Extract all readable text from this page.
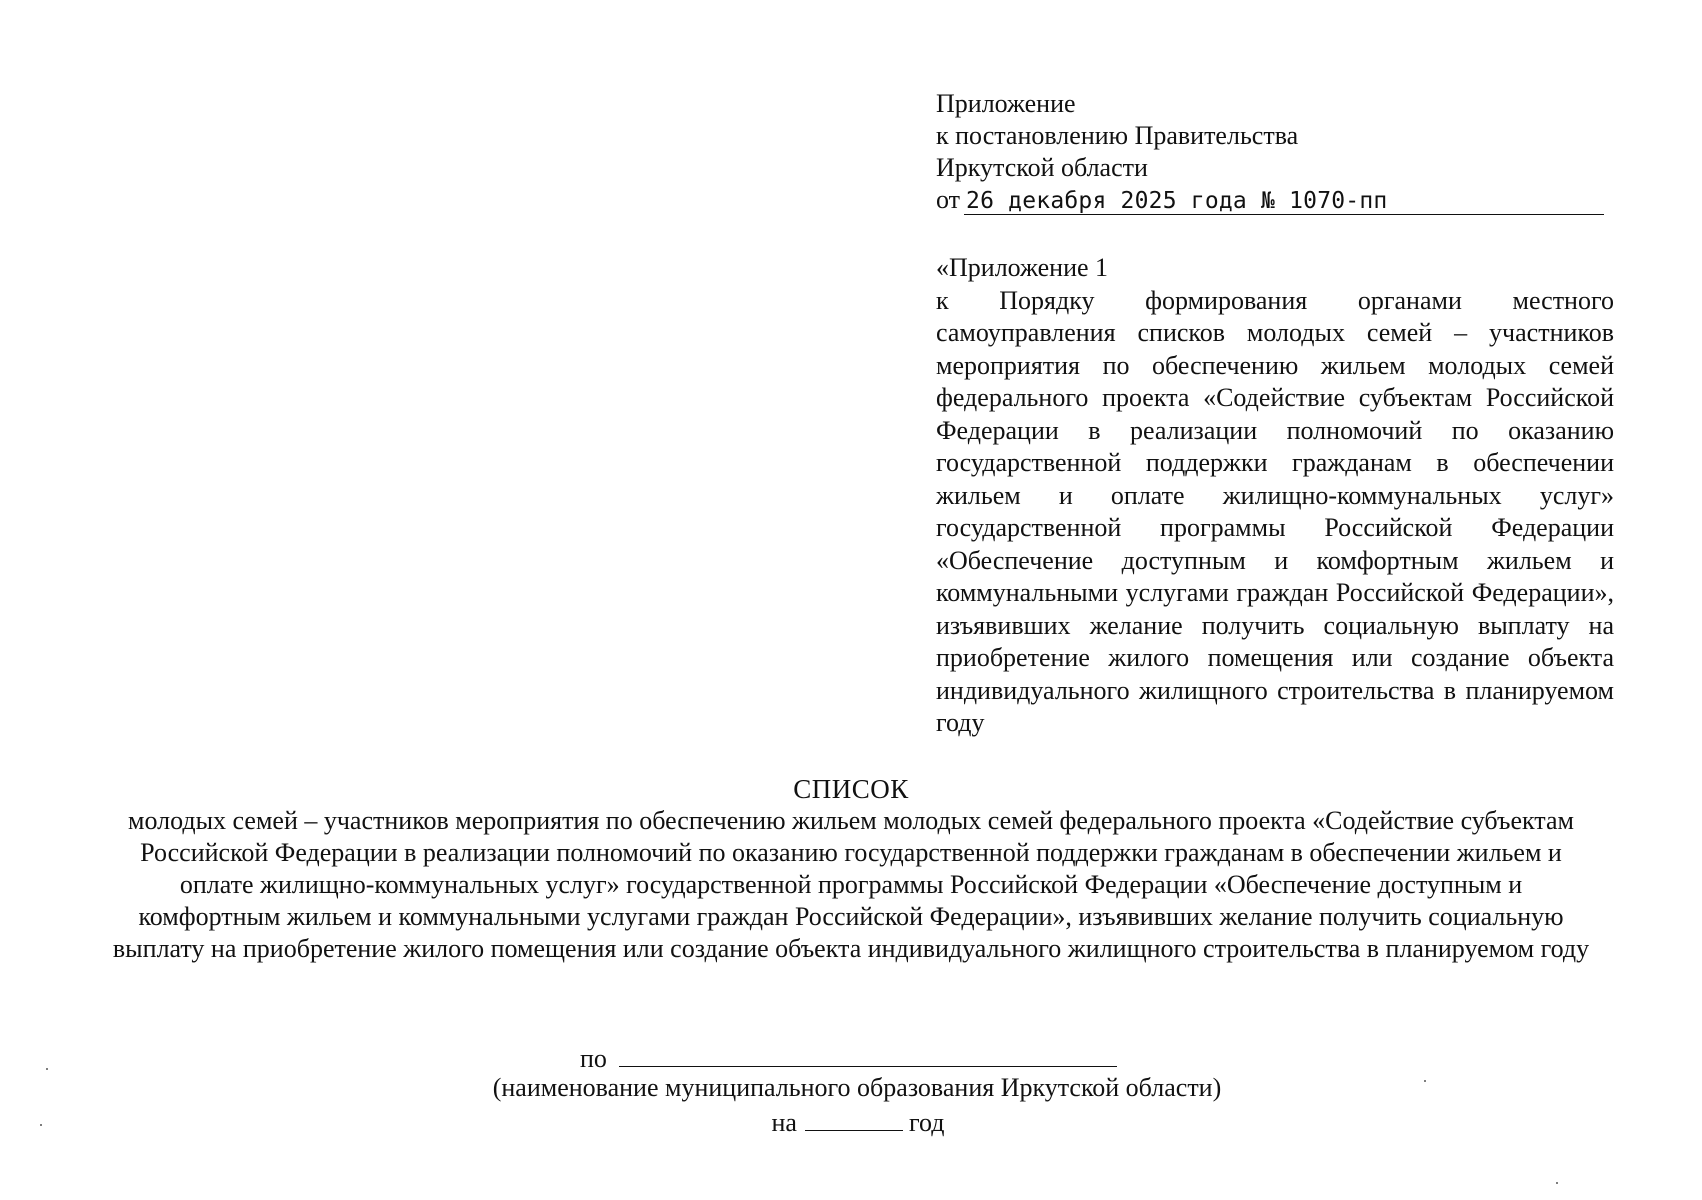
Приложение
к постановлению Правительства
Иркутской области
от 26 декабря 2025 года № 1070-пп
«Приложение 1
к Порядку формирования органами местного самоуправления списков молодых семей – участников мероприятия по обеспечению жильем молодых семей федерального проекта «Содействие субъектам Российской Федерации в реализации полномочий по оказанию государственной поддержки гражданам в обеспечении жильем и оплате жилищно-коммунальных услуг» государственной программы Российской Федерации «Обеспечение доступным и комфортным жильем и коммунальными услугами граждан Российской Федерации», изъявивших желание получить социальную выплату на приобретение жилого помещения или создание объекта индивидуального жилищного строительства в планируемом году
СПИСОК
молодых семей – участников мероприятия по обеспечению жильем молодых семей федерального проекта «Содействие субъектам Российской Федерации в реализации полномочий по оказанию государственной поддержки гражданам в обеспечении жильем и оплате жилищно-коммунальных услуг» государственной программы Российской Федерации «Обеспечение доступным и комфортным жильем и коммунальными услугами граждан Российской Федерации», изъявивших желание получить социальную выплату на приобретение жилого помещения или создание объекта индивидуального жилищного строительства в планируемом году
по
(наименование муниципального образования Иркутской области)
на	год
